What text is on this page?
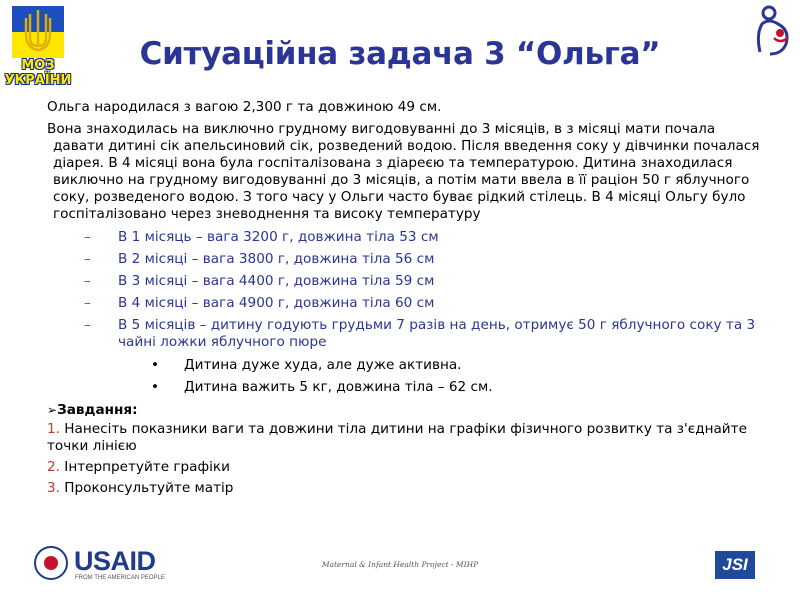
МОЗ УКРАЇНИ
Ситуаційна задача 3 “Ольга”

Ольга народилася з вагою 2,300 г та довжиною 49 см.

Вона знаходилась на виключно грудному вигодовуванні до 3 місяців, в з місяці мати почала давати дитині сік апельсиновий сік, розведений водою. Після введення соку у дівчинки почалася діарея. В 4 місяці вона була госпіталізована з діареєю та температурою. Дитина знаходилася виключно на грудному вигодовуванні до 3 місяців, а потім мати ввела в її раціон 50 г яблучного соку, розведеного водою. З того часу у Ольги часто буває рідкий стілець. В 4 місяці Ольгу було госпіталізовано через зневоднення та високу температуру

– В 1 місяць – вага 3200 г, довжина тіла 53 см
– В 2 місяці – вага 3800 г, довжина тіла 56 см
– В 3 місяці – вага 4400 г, довжина тіла 59 см
– В 4 місяці – вага 4900 г, довжина тіла 60 см
– В 5 місяців – дитину годують грудьми 7 разів на день, отримує 50 г яблучного соку та 3 чайні ложки яблучного пюре
• Дитина дуже худа, але дуже активна.
• Дитина важить 5 кг, довжина тіла – 62 см.
➢Завдання:
1. Нанесіть показники ваги та довжини тіла дитини на графіки фізичного розвитку та з'єднайте точки лінією
2. Інтерпретуйте графіки
3. Проконсультуйте матір
USAID
FROM THE AMERICAN PEOPLE
Maternal & Infant Health Project - MIHP	JSI
